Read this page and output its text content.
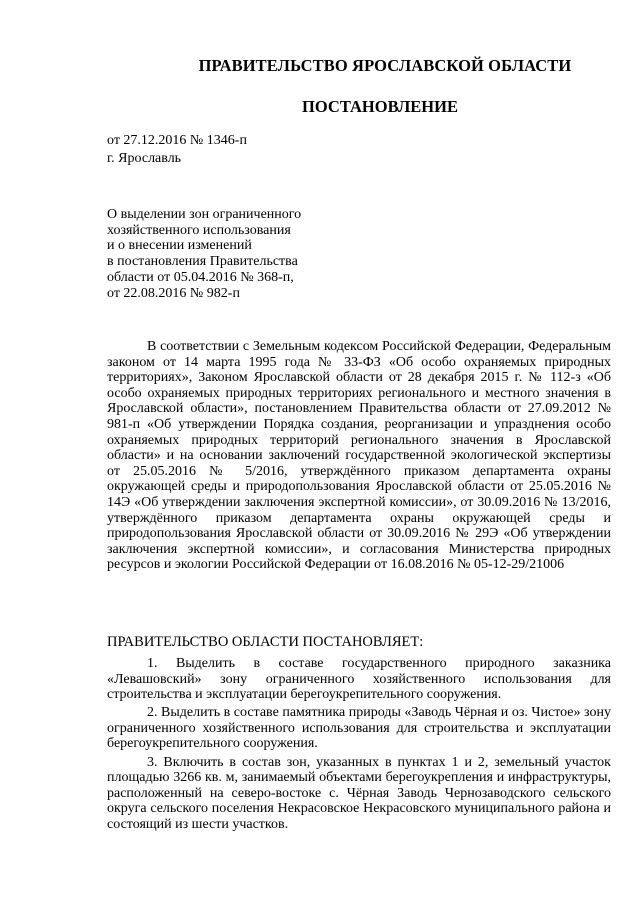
ПРАВИТЕЛЬСТВО ЯРОСЛАВСКОЙ ОБЛАСТИ
ПОСТАНОВЛЕНИЕ
от 27.12.2016 № 1346-п
г. Ярославль
О выделении зон ограниченного
хозяйственного использования
и о внесении изменений
в постановления Правительства
области от 05.04.2016 № 368-п,
от 22.08.2016 № 982-п

В соответствии с Земельным кодексом Российской Федерации, Федеральным законом от 14 марта 1995 года № 33-ФЗ «Об особо охраняемых природных территориях», Законом Ярославской области от 28 декабря 2015 г. № 112-з «Об особо охраняемых природных территориях регионального и местного значения в Ярославской области», постановлением Правительства области от 27.09.2012 № 981-п «Об утверждении Порядка создания, реорганизации и упразднения особо охраняемых природных территорий регионального значения в Ярославской области» и на основании заключений государственной экологической экспертизы от 25.05.2016 № 5/2016, утверждённого приказом департамента охраны окружающей среды и природопользования Ярославской области от 25.05.2016 № 14Э «Об утверждении заключения экспертной комиссии», от 30.09.2016 № 13/2016, утверждённого приказом департамента охраны окружающей среды и природопользования Ярославской области от 30.09.2016 № 29Э «Об утверждении заключения экспертной комиссии», и согласования Министерства природных ресурсов и экологии Российской Федерации от 16.08.2016 № 05-12-29/21006

ПРАВИТЕЛЬСТВО ОБЛАСТИ ПОСТАНОВЛЯЕТ:

1. Выделить в составе государственного природного заказника «Левашовский» зону ограниченного хозяйственного использования для строительства и эксплуатации берегоукрепительного сооружения.

2. Выделить в составе памятника природы «Заводь Чёрная и оз. Чистое» зону ограниченного хозяйственного использования для строительства и эксплуатации берегоукрепительного сооружения.

3. Включить в состав зон, указанных в пунктах 1 и 2, земельный участок площадью 3266 кв. м, занимаемый объектами берегоукрепления и инфраструктуры, расположенный на северо-востоке с. Чёрная Заводь Чернозаводского сельского округа сельского поселения Некрасовское Некрасовского муниципального района и состоящий из шести участков.
